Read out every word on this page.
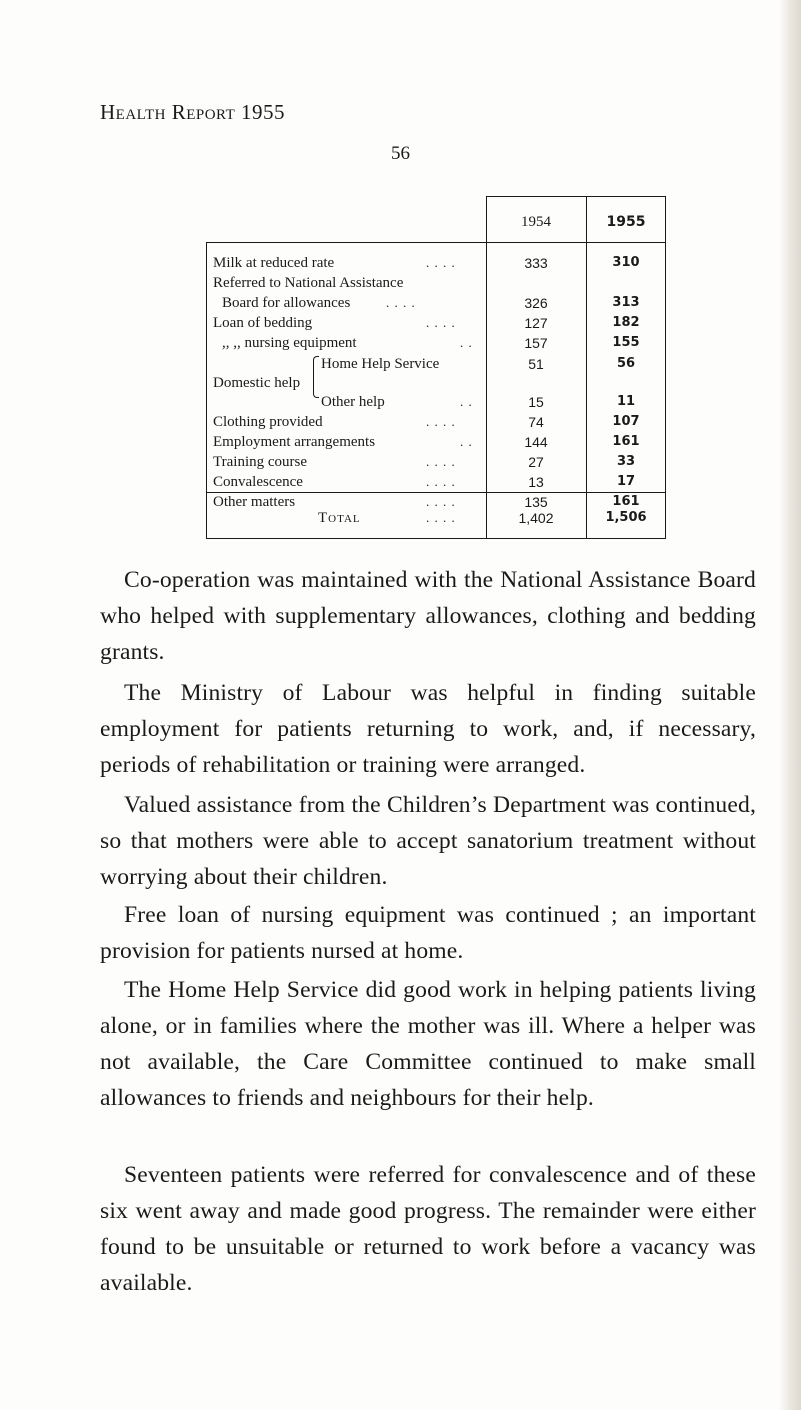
Health Report 1955
56
1954	1955
Milk at reduced rate	. . . .	333	310
Referred to National Assistance
Board for allowances	. . . .	326	313
Loan of bedding	. . . .	127	182
,, ,, nursing equipment	. .	157	155
Home Help Service	51	56
Domestic help
Other help	. .	15	11
Clothing provided	. . . .	74	107
Employment arrangements	. .	144	161
Training course	. . . .	27	33
Convalescence	. . . .	13	17
Other matters	. . . .	135	161
Total	. . . .	1,402	1,506

Co-operation was maintained with the National Assistance Board who helped with supplementary allowances, clothing and bedding grants.

The Ministry of Labour was helpful in finding suitable employment for patients returning to work, and, if necessary, periods of rehabilitation or training were arranged.

Valued assistance from the Children’s Department was continued, so that mothers were able to accept sanatorium treatment without worrying about their children.

Free loan of nursing equipment was continued ; an important provision for patients nursed at home.

The Home Help Service did good work in helping patients living alone, or in families where the mother was ill. Where a helper was not available, the Care Committee continued to make small allowances to friends and neighbours for their help.

Seventeen patients were referred for convalescence and of these six went away and made good progress. The remainder were either found to be unsuitable or returned to work before a vacancy was available.
